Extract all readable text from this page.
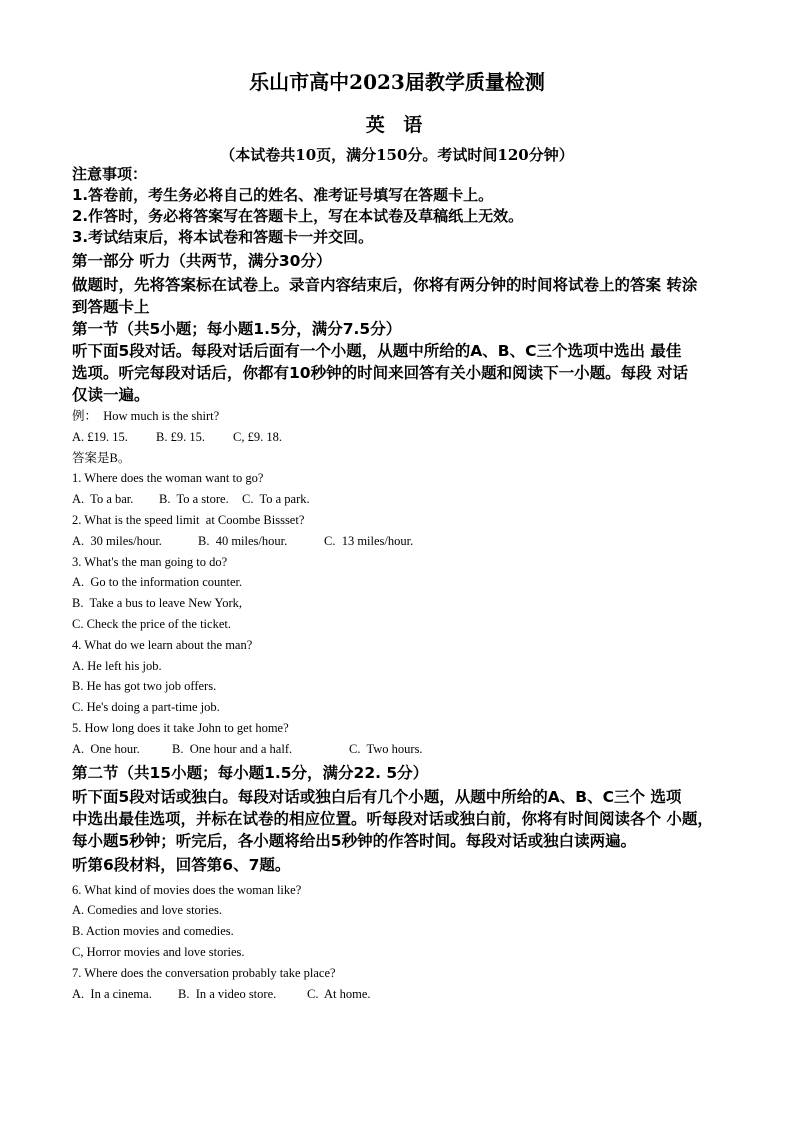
乐山市高中2023届教学质量检测
英 语
（本试卷共10页，满分150分。考试时间120分钟）

注意事项：

1.答卷前，考生务必将自己的姓名、准考证号填写在答题卡上。

2.作答时，务必将答案写在答题卡上，写在本试卷及草稿纸上无效。

3.考试结束后，将本试卷和答题卡一并交回。

第一部分 听力（共两节，满分30分）

做题时，先将答案标在试卷上。录音内容结束后，你将有两分钟的时间将试卷上的答案 转涂

到答题卡上

第一节（共5小题；每小题1.5分，满分7.5分）

听下面5段对话。每段对话后面有一个小题，从题中所给的A、B、C三个选项中选出 最佳

选项。听完每段对话后，你都有10秒钟的时间来回答有关小题和阅读下一小题。每段 对话

仅读一遍。

例：  How much is the shirt?

A. £19. 15. B. £9. 15. C, £9. 18.

答案是B。

1. Where does the woman want to go?

A.  To a bar. B.  To a store. C.  To a park.

2. What is the speed limit  at Coombe Bissset?

A.  30 miles/hour.	B.  40 miles/hour.	C.  13 miles/hour.

3. What's the man going to do?

A.  Go to the information counter.

B.  Take a bus to leave New York,

C. Check the price of the ticket.

4. What do we learn about the man?

A. He left his job.

B. He has got two job offers.

C. He's doing a part-time job.

5. How long does it take John to get home?

A.  One hour.	B.  One hour and a half.	C.  Two hours.

第二节（共15小题；每小题1.5分，满分22. 5分）

听下面5段对话或独白。每段对话或独白后有几个小题，从题中所给的A、B、C三个 选项

中选出最佳选项，并标在试卷的相应位置。听每段对话或独白前，你将有时间阅读各个 小题，

每小题5秒钟；听完后，各小题将给出5秒钟的作答时间。每段对话或独白读两遍。

听第6段材料，回答第6、7题。

6. What kind of movies does the woman like?

A. Comedies and love stories.

B. Action movies and comedies.

C, Horror movies and love stories.

7. Where does the conversation probably take place?

A.  In a cinema. B.  In a video store. C.  At home.
